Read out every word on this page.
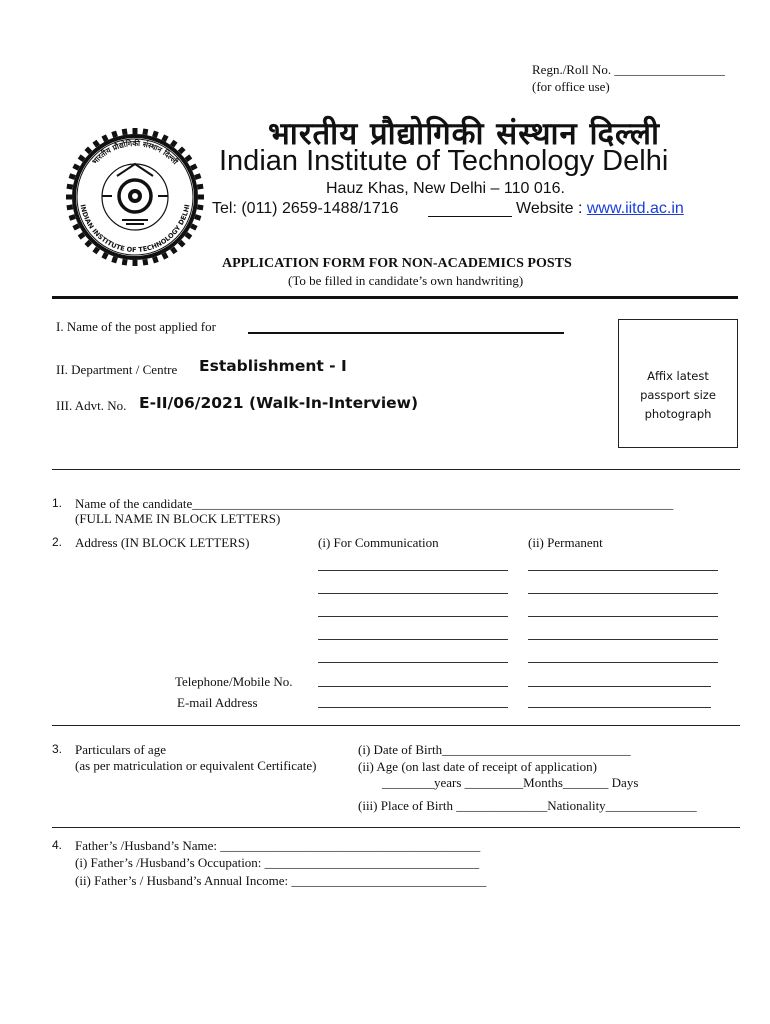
Regn./Roll No. _________________
(for office use)
भारतीय प्रौद्योगिकी संस्थान दिल्ली
INDIAN INSTITUTE OF TECHNOLOGY DELHI
भारतीय प्रौद्योगिकी संस्थान दिल्ली
Indian Institute of Technology Delhi
Hauz Khas, New Delhi – 110 016.
Tel: (011) 2659-1488/1716	Website : www.iitd.ac.in
APPLICATION FORM FOR NON-ACADEMICS POSTS
(To be filled in candidate’s own handwriting)
I. Name of the post applied for
II. Department / Centre Establishment - I
III. Advt. No. E-II/06/2021 (Walk-In-Interview)
Affix latest
passport size
photograph
1. Name of the candidate__________________________________________________________________________
(FULL NAME IN BLOCK LETTERS)
2. Address (IN BLOCK LETTERS)	(i) For Communication	(ii) Permanent
Telephone/Mobile No.
E-mail Address
3. Particulars of age
(as per matriculation or equivalent Certificate)
(i) Date of Birth_____________________________
(ii) Age (on last date of receipt of application)
________years _________Months_______ Days
(iii) Place of Birth ______________Nationality______________
4. Father’s /Husband’s Name: ________________________________________
(i) Father’s /Husband’s Occupation: _________________________________
(ii) Father’s / Husband’s Annual Income: ______________________________
